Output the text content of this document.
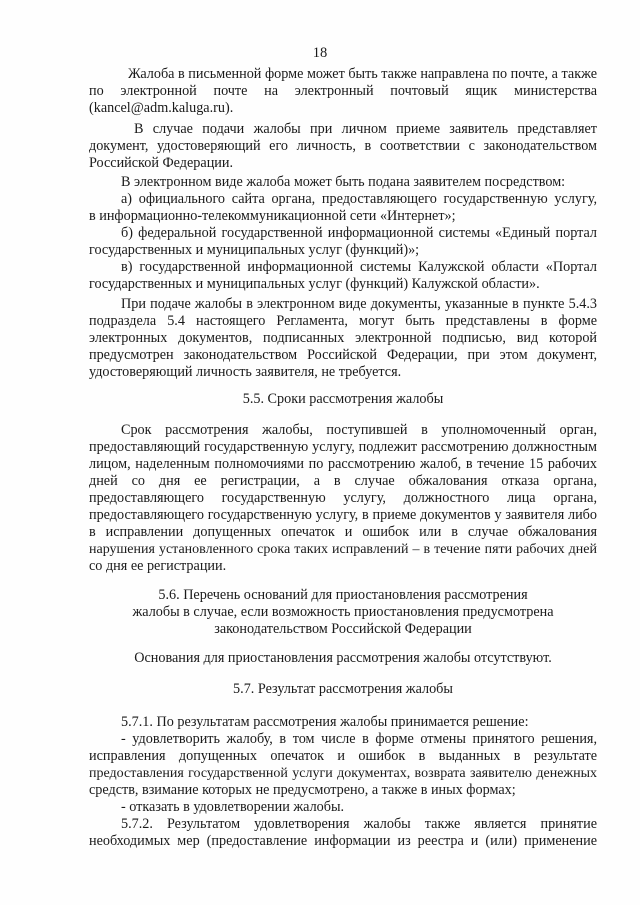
18
Жалоба в письменной форме может быть также направлена по почте, а также
по электронной почте на электронный почтовый ящик министерства
(kancel@adm.kaluga.ru).
В случае подачи жалобы при личном приеме заявитель представляет
документ, удостоверяющий его личность, в соответствии с законодательством
Российской Федерации.
В электронном виде жалоба может быть подана заявителем посредством:
а) официального сайта органа, предоставляющего государственную услугу,
в информационно-телекоммуникационной сети «Интернет»;
б) федеральной государственной информационной системы «Единый портал
государственных и муниципальных услуг (функций)»;
в) государственной информационной системы Калужской области «Портал
государственных и муниципальных услуг (функций) Калужской области».
При подаче жалобы в электронном виде документы, указанные в пункте 5.4.3
подраздела 5.4 настоящего Регламента, могут быть представлены в форме
электронных документов, подписанных электронной подписью, вид которой
предусмотрен законодательством Российской Федерации, при этом документ,
удостоверяющий личность заявителя, не требуется.
5.5. Сроки рассмотрения жалобы
Срок рассмотрения жалобы, поступившей в уполномоченный орган,
предоставляющий государственную услугу, подлежит рассмотрению должностным
лицом, наделенным полномочиями по рассмотрению жалоб, в течение 15 рабочих
дней со дня ее регистрации, а в случае обжалования отказа органа,
предоставляющего государственную услугу, должностного лица органа,
предоставляющего государственную услугу, в приеме документов у заявителя либо
в исправлении допущенных опечаток и ошибок или в случае обжалования
нарушения установленного срока таких исправлений – в течение пяти рабочих дней
со дня ее регистрации.
5.6. Перечень оснований для приостановления рассмотрения
жалобы в случае, если возможность приостановления предусмотрена
законодательством Российской Федерации
Основания для приостановления рассмотрения жалобы отсутствуют.
5.7. Результат рассмотрения жалобы
5.7.1. По результатам рассмотрения жалобы принимается решение:
- удовлетворить жалобу, в том числе в форме отмены принятого решения,
исправления допущенных опечаток и ошибок в выданных в результате
предоставления государственной услуги документах, возврата заявителю денежных
средств, взимание которых не предусмотрено, а также в иных формах;
- отказать в удовлетворении жалобы.
5.7.2. Результатом удовлетворения жалобы также является принятие
необходимых мер (предоставление информации из реестра и (или) применение
